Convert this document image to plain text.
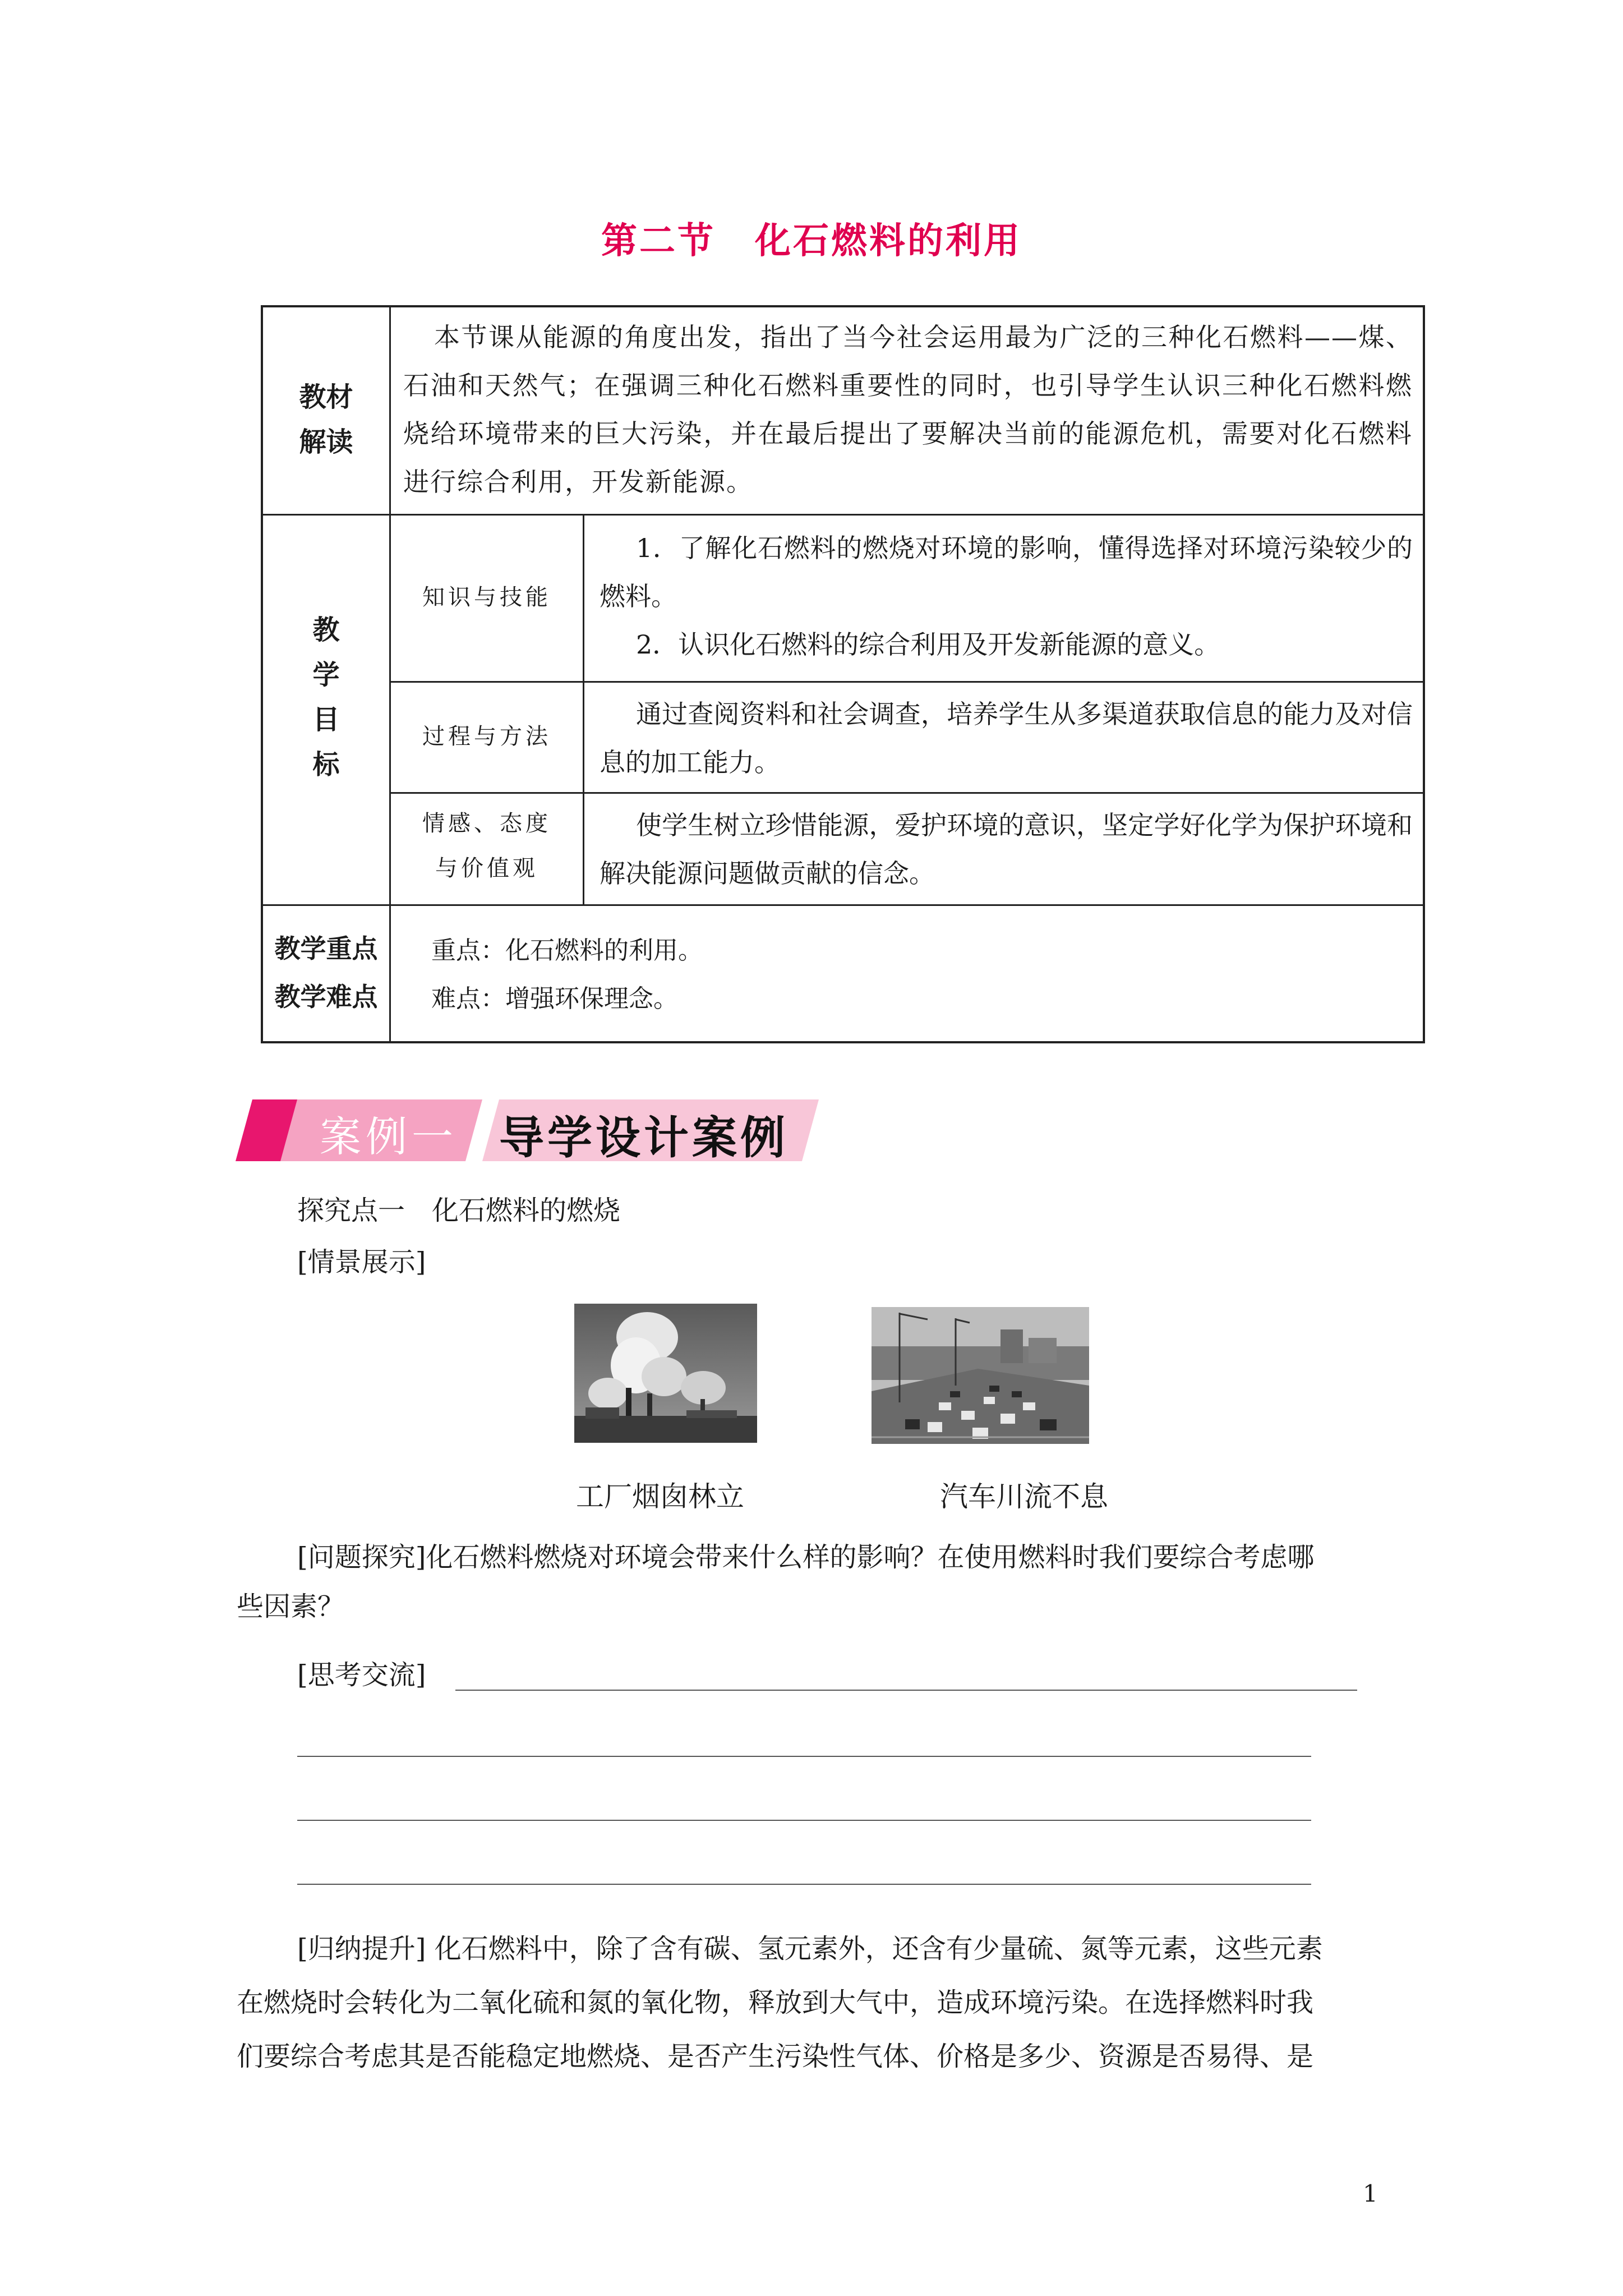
第二节 化石燃料的利用
教材
解读
本节课从能源的角度出发，指出了当今社会运用最为广泛的三种化石燃料——煤、石油和天然气；在强调三种化石燃料重要性的同时，也引导学生认识三种化石燃料燃烧给环境带来的巨大污染，并在最后提出了要解决当前的能源危机，需要对化石燃料进行综合利用，开发新能源。
教
学
目
标
知识与技能
1．了解化石燃料的燃烧对环境的影响，懂得选择对环境污染较少的燃料。
2．认识化石燃料的综合利用及开发新能源的意义。
过程与方法
通过查阅资料和社会调查，培养学生从多渠道获取信息的能力及对信息的加工能力。
情感、态度
与价值观
使学生树立珍惜能源，爱护环境的意识，坚定学好化学为保护环境和解决能源问题做贡献的信念。
教学重点
教学难点
重点：化石燃料的利用。
难点：增强环保理念。
案例一 导学设计案例
探究点一　化石燃料的燃烧
[情景展示]
工厂烟囱林立	汽车川流不息
[问题探究]化石燃料燃烧对环境会带来什么样的影响？在使用燃料时我们要综合考虑哪
些因素？
[思考交流]
[归纳提升] 化石燃料中，除了含有碳、氢元素外，还含有少量硫、氮等元素，这些元素
在燃烧时会转化为二氧化硫和氮的氧化物，释放到大气中，造成环境污染。在选择燃料时我
们要综合考虑其是否能稳定地燃烧、是否产生污染性气体、价格是多少、资源是否易得、是
1
